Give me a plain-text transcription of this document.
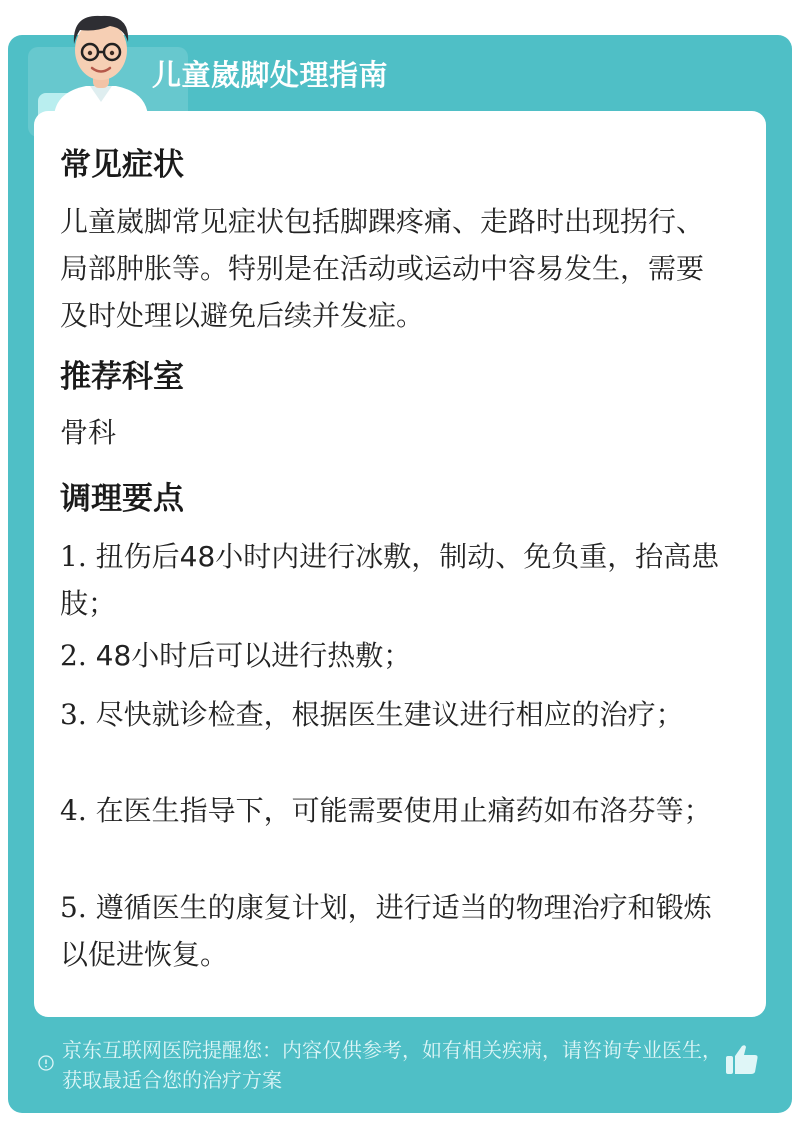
儿童崴脚处理指南
常见症状

儿童崴脚常见症状包括脚踝疼痛、走路时出现拐行、局部肿胀等。特别是在活动或运动中容易发生，需要及时处理以避免后续并发症。

推荐科室

骨科

调理要点

1. 扭伤后48小时内进行冰敷，制动、免负重，抬高患肢；

2. 48小时后可以进行热敷；

3. 尽快就诊检查，根据医生建议进行相应的治疗；

4. 在医生指导下，可能需要使用止痛药如布洛芬等；

5. 遵循医生的康复计划，进行适当的物理治疗和锻炼以促进恢复。

京东互联网医院提醒您：内容仅供参考，如有相关疾病，请咨询专业医生，获取最适合您的治疗方案
